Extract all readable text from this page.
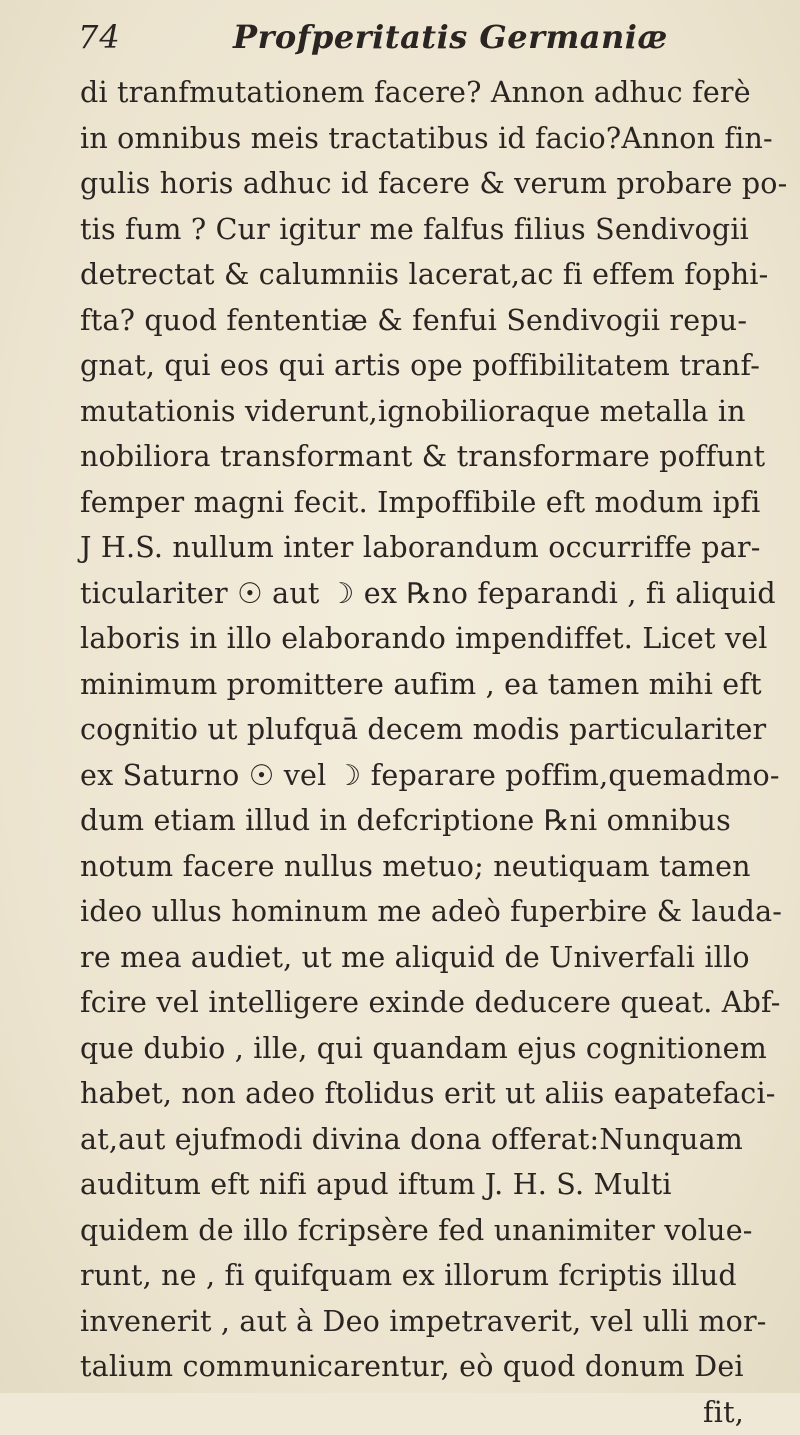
74	Profperitatis Germaniæ
di tranfmutationem facere? Annon adhuc ferè
in omnibus meis tractatibus id facio?Annon fin-
gulis horis adhuc id facere & verum probare po-
tis fum ? Cur igitur me falfus filius Sendivogii
detrectat & calumniis lacerat,ac fi effem fophi-
fta? quod fententiæ & fenfui Sendivogii repu-
gnat, qui eos qui artis ope poffibilitatem tranf-
mutationis viderunt,ignobilioraque metalla in
nobiliora transformant & transformare poffunt
femper magni fecit. Impoffibile eft modum ipfi
J H.S. nullum inter laborandum occurriffe par-
ticulariter ☉ aut ☽ ex ℞no feparandi , fi aliquid
laboris in illo elaborando impendiffet. Licet vel
minimum promittere aufim , ea tamen mihi eft
cognitio ut plufquā decem modis particulariter
ex Saturno ☉ vel ☽ feparare poffim,quemadmo-
dum etiam illud in defcriptione ℞ni omnibus
notum facere nullus metuo; neutiquam tamen
ideo ullus hominum me adeò fuperbire & lauda-
re mea audiet, ut me aliquid de Univerfali illo
fcire vel intelligere exinde deducere queat. Abf-
que dubio , ille, qui quandam ejus cognitionem
habet, non adeo ftolidus erit ut aliis eapatefaci-
at,aut ejufmodi divina dona offerat:Nunquam
auditum eft nifi apud iftum J. H. S. Multi
quidem de illo fcripsère fed unanimiter volue-
runt, ne , fi quifquam ex illorum fcriptis illud
invenerit , aut à Deo impetraverit, vel ulli mor-
talium communicarentur, eò quod donum Dei
fit,
